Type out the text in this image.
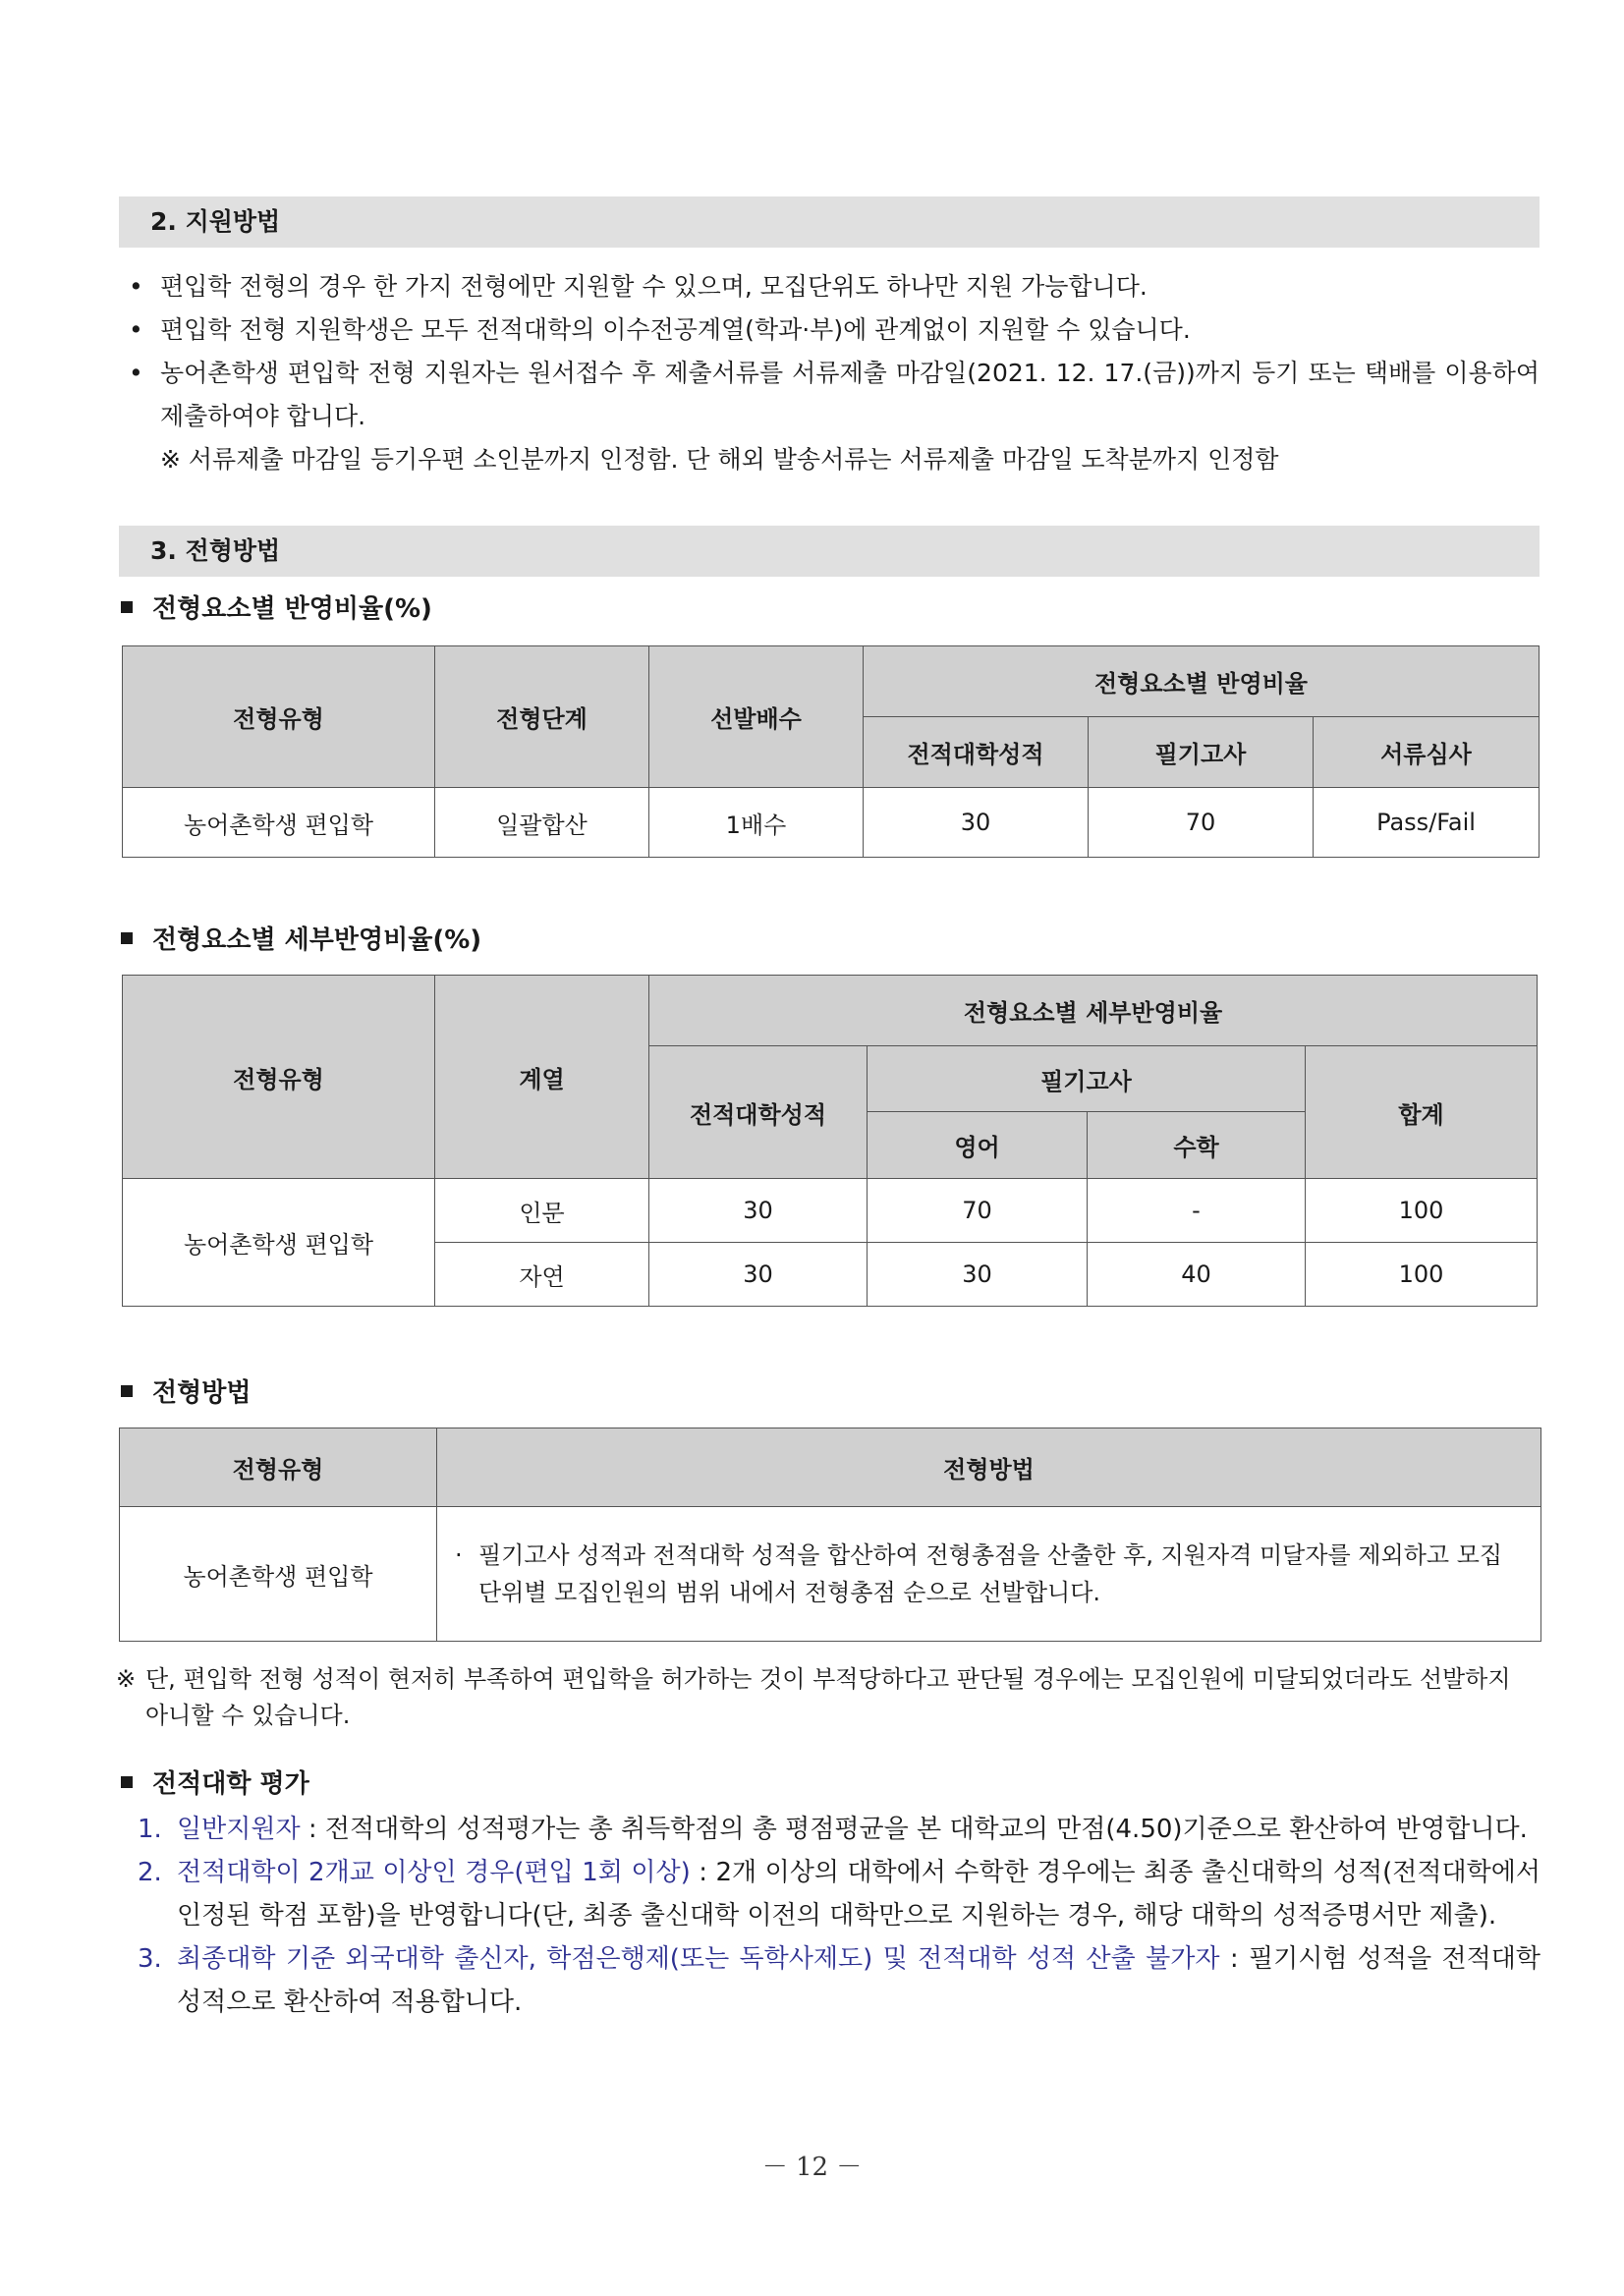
2. 지원방법
• 편입학 전형의 경우 한 가지 전형에만 지원할 수 있으며, 모집단위도 하나만 지원 가능합니다.
• 편입학 전형 지원학생은 모두 전적대학의 이수전공계열(학과·부)에 관계없이 지원할 수 있습니다.
• 농어촌학생 편입학 전형 지원자는 원서접수 후 제출서류를 서류제출 마감일(2021. 12. 17.(금))까지 등기 또는 택배를 이용하여 제출하여야 합니다.
※ 서류제출 마감일 등기우편 소인분까지 인정함. 단 해외 발송서류는 서류제출 마감일 도착분까지 인정함
3. 전형방법
전형요소별 반영비율(%)
전형유형	전형단계	선발배수	전형요소별 반영비율		
			전적대학성적	필기고사	서류심사
농어촌학생 편입학	일괄합산	1배수	30	70	Pass/Fail
전형요소별 세부반영비율(%)
전형유형	계열	전형요소별 세부반영비율			
		전적대학성적	필기고사		합계
			영어	수학	
농어촌학생 편입학	인문	30	70	-	100
	자연	30	30	40	100
전형방법
전형유형	전형방법
농어촌학생 편입학	· 필기고사 성적과 전적대학 성적을 합산하여 전형총점을 산출한 후, 지원자격 미달자를 제외하고 모집단위별 모집인원의 범위 내에서 전형총점 순으로 선발합니다.
※ 단, 편입학 전형 성적이 현저히 부족하여 편입학을 허가하는 것이 부적당하다고 판단될 경우에는 모집인원에 미달되었더라도 선발하지 아니할 수 있습니다.
전적대학 평가
1. 일반지원자 : 전적대학의 성적평가는 총 취득학점의 총 평점평균을 본 대학교의 만점(4.50)기준으로 환산하여 반영합니다.
2. 전적대학이 2개교 이상인 경우(편입 1회 이상) : 2개 이상의 대학에서 수학한 경우에는 최종 출신대학의 성적(전적대학에서 인정된 학점 포함)을 반영합니다(단, 최종 출신대학 이전의 대학만으로 지원하는 경우, 해당 대학의 성적증명서만 제출).
3. 최종대학 기준 외국대학 출신자, 학점은행제(또는 독학사제도) 및 전적대학 성적 산출 불가자 : 필기시험 성적을 전적대학 성적으로 환산하여 적용합니다.
－ 12 －
